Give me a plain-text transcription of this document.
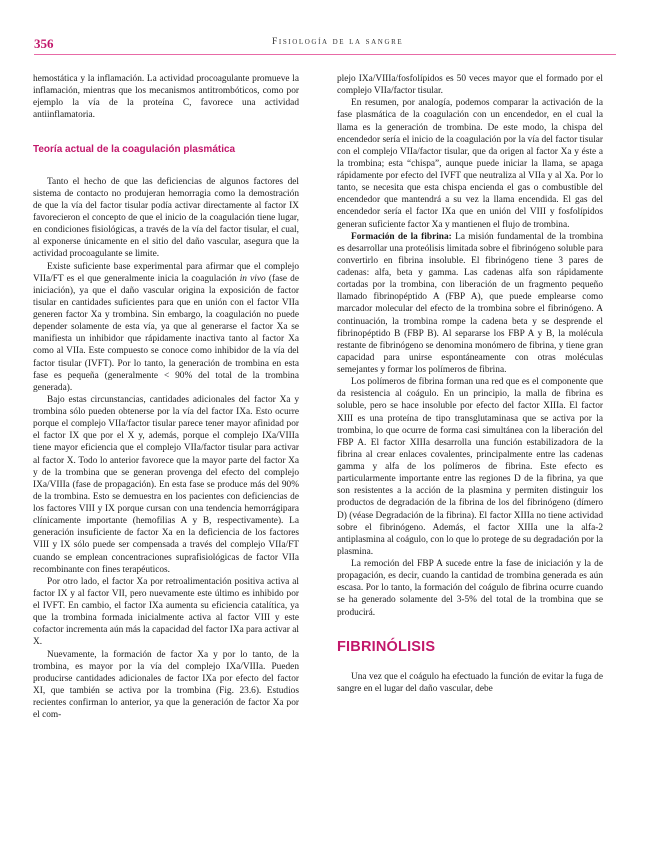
356	Fisiología de la sangre

hemostática y la inflamación. La actividad procoagulante promueve la inflamación, mientras que los mecanismos antitrombóticos, como por ejemplo la vía de la proteína C, favorece una actividad antiinflamatoria.

Teoría actual de la coagulación plasmática

Tanto el hecho de que las deficiencias de algunos factores del sistema de contacto no produjeran hemorragia como la demostración de que la vía del factor tisular podía activar directamente al factor IX favorecieron el concepto de que el inicio de la coagulación tiene lugar, en condiciones fisiológicas, a través de la vía del factor tisular, el cual, al exponerse únicamente en el sitio del daño vascular, asegura que la actividad procoagulante se limite.

Existe suficiente base experimental para afirmar que el complejo VIIa/FT es el que generalmente inicia la coagulación in vivo (fase de iniciación), ya que el daño vascular origina la exposición de factor tisular en cantidades suficientes para que en unión con el factor VIIa generen factor Xa y trombina. Sin embargo, la coagulación no puede depender solamente de esta vía, ya que al generarse el factor Xa se manifiesta un inhibidor que rápidamente inactiva tanto al factor Xa como al VIIa. Este compuesto se conoce como inhibidor de la vía del factor tisular (IVFT). Por lo tanto, la generación de trombina en esta fase es pequeña (generalmente < 90% del total de la trombina generada).

Bajo estas circunstancias, cantidades adicionales del factor Xa y trombina sólo pueden obtenerse por la vía del factor IXa. Esto ocurre porque el complejo VIIa/factor tisular parece tener mayor afinidad por el factor IX que por el X y, además, porque el complejo IXa/VIIIa tiene mayor eficiencia que el complejo VIIa/factor tisular para activar al factor X. Todo lo anterior favorece que la mayor parte del factor Xa y de la trombina que se generan provenga del efecto del complejo IXa/VIIIa (fase de propagación). En esta fase se produce más del 90% de la trombina. Esto se demuestra en los pacientes con deficiencias de los factores VIII y IX porque cursan con una tendencia hemorrágipara clínicamente importante (hemofilias A y B, respectivamente). La generación insuficiente de factor Xa en la deficiencia de los factores VIII y IX sólo puede ser compensada a través del complejo VIIa/FT cuando se emplean concentraciones suprafisiológicas de factor VIIa recombinante con fines terapéuticos.

Por otro lado, el factor Xa por retroalimentación positiva activa al factor IX y al factor VII, pero nuevamente este último es inhibido por el IVFT. En cambio, el factor IXa aumenta su eficiencia catalítica, ya que la trombina formada inicialmente activa al factor VIII y este cofactor incrementa aún más la capacidad del factor IXa para activar al X.

Nuevamente, la formación de factor Xa y por lo tanto, de la trombina, es mayor por la vía del complejo IXa/VIIIa. Pueden producirse cantidades adicionales de factor IXa por efecto del factor XI, que también se activa por la trombina (Fig. 23.6). Estudios recientes confirman lo anterior, ya que la generación de factor Xa por el com-

plejo IXa/VIIIa/fosfolípidos es 50 veces mayor que el formado por el complejo VIIa/factor tisular.

En resumen, por analogía, podemos comparar la activación de la fase plasmática de la coagulación con un encendedor, en el cual la llama es la generación de trombina. De este modo, la chispa del encendedor sería el inicio de la coagulación por la vía del factor tisular con el complejo VIIa/factor tisular, que da origen al factor Xa y éste a la trombina; esta “chispa”, aunque puede iniciar la llama, se apaga rápidamente por efecto del IVFT que neutraliza al VIIa y al Xa. Por lo tanto, se necesita que esta chispa encienda el gas o combustible del encendedor que mantendrá a su vez la llama encendida. El gas del encendedor sería el factor IXa que en unión del VIII y fosfolípidos generan suficiente factor Xa y mantienen el flujo de trombina.

Formación de la fibrina: La misión fundamental de la trombina es desarrollar una proteólisis limitada sobre el fibrinógeno soluble para convertirlo en fibrina insoluble. El fibrinógeno tiene 3 pares de cadenas: alfa, beta y gamma. Las cadenas alfa son rápidamente cortadas por la trombina, con liberación de un fragmento pequeño llamado fibrinopéptido A (FBP A), que puede emplearse como marcador molecular del efecto de la trombina sobre el fibrinógeno. A continuación, la trombina rompe la cadena beta y se desprende el fibrinopéptido B (FBP B). Al separarse los FBP A y B, la molécula restante de fibrinógeno se denomina monómero de fibrina, y tiene gran capacidad para unirse espontáneamente con otras moléculas semejantes y formar los polímeros de fibrina.

Los polímeros de fibrina forman una red que es el componente que da resistencia al coágulo. En un principio, la malla de fibrina es soluble, pero se hace insoluble por efecto del factor XIIIa. El factor XIII es una proteína de tipo transglutaminasa que se activa por la trombina, lo que ocurre de forma casi simultánea con la liberación del FBP A. El factor XIIIa desarrolla una función estabilizadora de la fibrina al crear enlaces covalentes, principalmente entre las cadenas gamma y alfa de los polímeros de fibrina. Este efecto es particularmente importante entre las regiones D de la fibrina, ya que son resistentes a la acción de la plasmina y permiten distinguir los productos de degradación de la fibrina de los del fibrinógeno (dímero D) (véase Degradación de la fibrina). El factor XIIIa no tiene actividad sobre el fibrinógeno. Además, el factor XIIIa une la alfa-2 antiplasmina al coágulo, con lo que lo protege de su degradación por la plasmina.

La remoción del FBP A sucede entre la fase de iniciación y la de propagación, es decir, cuando la cantidad de trombina generada es aún escasa. Por lo tanto, la formación del coágulo de fibrina ocurre cuando se ha generado solamente del 3-5% del total de la trombina que se producirá.

FIBRINÓLISIS

Una vez que el coágulo ha efectuado la función de evitar la fuga de sangre en el lugar del daño vascular, debe
